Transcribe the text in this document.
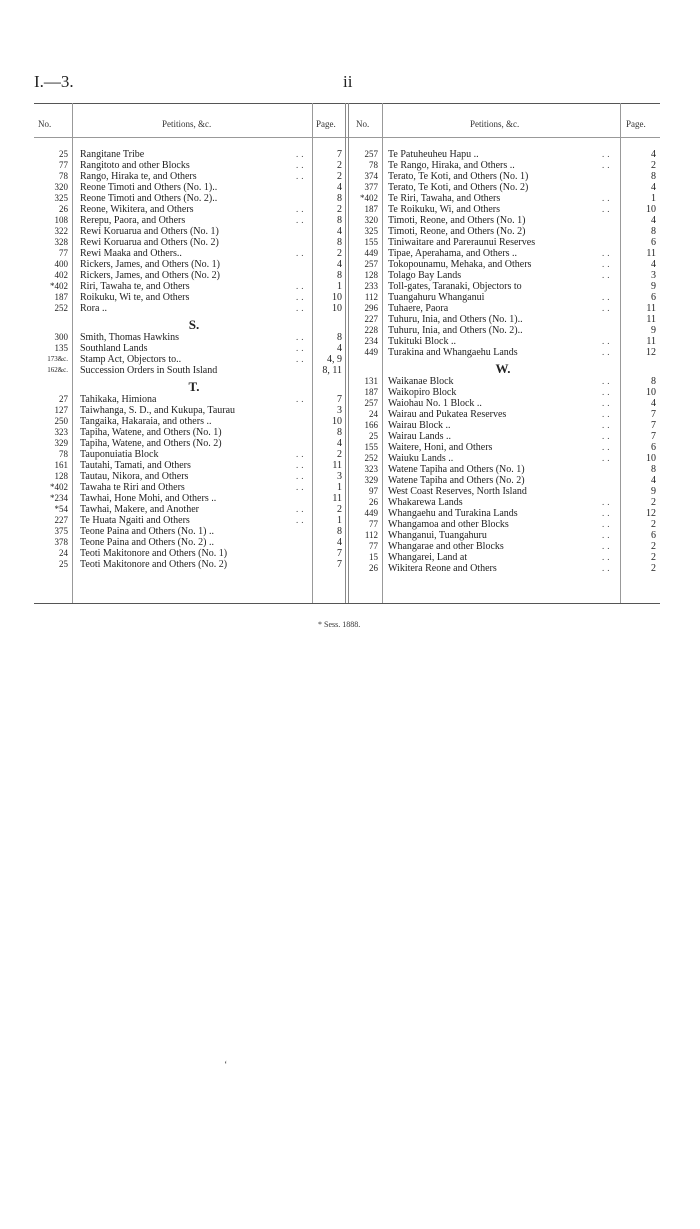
I.—3.	ii
No.	Petitions, &c.	Page. No.	Petitions, &c.	Page.
25 Rangitane Tribe	..	7
77 Rangitoto and other Blocks	..	2
78 Rango, Hiraka te, and Others	..	2
320 Reone Timoti and Others (No. 1)..	4
325 Reone Timoti and Others (No. 2)..	8
26 Reone, Wikitera, and Others	..	2
108 Rerepu, Paora, and Others	..	8
322 Rewi Koruarua and Others (No. 1)	4
328 Rewi Koruarua and Others (No. 2)	8
77 Rewi Maaka and Others..	..	2
400 Rickers, James, and Others (No. 1)	4
402 Rickers, James, and Others (No. 2)	8
*402 Riri, Tawaha te, and Others	..	1
187 Roikuku, Wi te, and Others	..	10
252 Rora ..	..	10
S.
300 Smith, Thomas Hawkins	..	8
135 Southland Lands	..	4
173&c. Stamp Act, Objectors to..	..	4, 9
162&c. Succession Orders in South Island	8, 11
T.
27 Tahikaka, Himiona	..	7
127 Taiwhanga, S. D., and Kukupa, Taurau	3
250 Tangaika, Hakaraia, and others ..	10
323 Tapiha, Watene, and Others (No. 1)	8
329 Tapiha, Watene, and Others (No. 2)	4
78 Tauponuiatia Block	..	2
161 Tautahi, Tamati, and Others	..	11
128 Tautau, Nikora, and Others	..	3
*402 Tawaha te Riri and Others	..	1
*234 Tawhai, Hone Mohi, and Others ..	11
*54 Tawhai, Makere, and Another	..	2
227 Te Huata Ngaiti and Others	..	1
375 Teone Paina and Others (No. 1) ..	8
378 Teone Paina and Others (No. 2) ..	4
24 Teoti Makitonore and Others (No. 1)	7
25 Teoti Makitonore and Others (No. 2)	7
257 Te Patuheuheu Hapu ..	..	4
78 Te Rango, Hiraka, and Others ..	..	2
374 Terato, Te Koti, and Others (No. 1)	8
377 Terato, Te Koti, and Others (No. 2)	4
*402 Te Riri, Tawaha, and Others	..	1
187 Te Roikuku, Wi, and Others	..	10
320 Timoti, Reone, and Others (No. 1)	4
325 Timoti, Reone, and Others (No. 2)	8
155 Tiniwaitare and Pareraunui Reserves	6
449 Tipae, Aperahama, and Others ..	..	11
257 Tokopounamu, Mehaka, and Others	..	4
128 Tolago Bay Lands	..	3
233 Toll-gates, Taranaki, Objectors to	9
112 Tuangahuru Whanganui	..	6
296 Tuhaere, Paora	..	11
227 Tuhuru, Inia, and Others (No. 1)..	11
228 Tuhuru, Inia, and Others (No. 2)..	9
234 Tukituki Block ..	..	11
449 Turakina and Whangaehu Lands	..	12
W.
131 Waikanae Block	..	8
187 Waikopiro Block	..	10
257 Waiohau No. 1 Block ..	..	4
24 Wairau and Pukatea Reserves	..	7
166 Wairau Block ..	..	7
25 Wairau Lands ..	..	7
155 Waitere, Honi, and Others	..	6
252 Waiuku Lands ..	..	10
323 Watene Tapiha and Others (No. 1)	8
329 Watene Tapiha and Others (No. 2)	4
97 West Coast Reserves, North Island	9
26 Whakarewa Lands	..	2
449 Whangaehu and Turakina Lands	..	12
77 Whangamoa and other Blocks	..	2
112 Whanganui, Tuangahuru	..	6
77 Whangarae and other Blocks	..	2
15 Whangarei, Land at	..	2
26 Wikitera Reone and Others	..	2
* Sess. 1888.
ʻ
